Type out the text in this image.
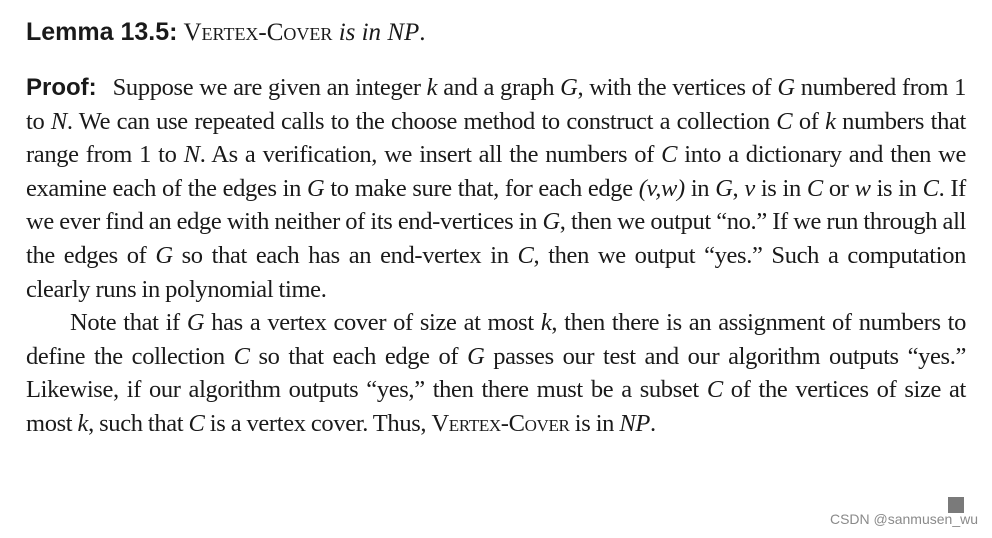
Lemma 13.5: Vertex-Cover is in NP.

Proof: Suppose we are given an integer k and a graph G, with the vertices of G numbered from 1 to N. We can use repeated calls to the choose method to construct a collection C of k numbers that range from 1 to N. As a verification, we insert all the numbers of C into a dictionary and then we examine each of the edges in G to make sure that, for each edge (v,w) in G, v is in C or w is in C. If we ever find an edge with neither of its end-vertices in G, then we output “no.” If we run through all the edges of G so that each has an end-vertex in C, then we output “yes.” Such a computation clearly runs in polynomial time.

Note that if G has a vertex cover of size at most k, then there is an assignment of numbers to define the collection C so that each edge of G passes our test and our algorithm outputs “yes.” Likewise, if our algorithm outputs “yes,” then there must be a subset C of the vertices of size at most k, such that C is a vertex cover. Thus, Vertex-Cover is in NP.

CSDN @sanmusen_wu
